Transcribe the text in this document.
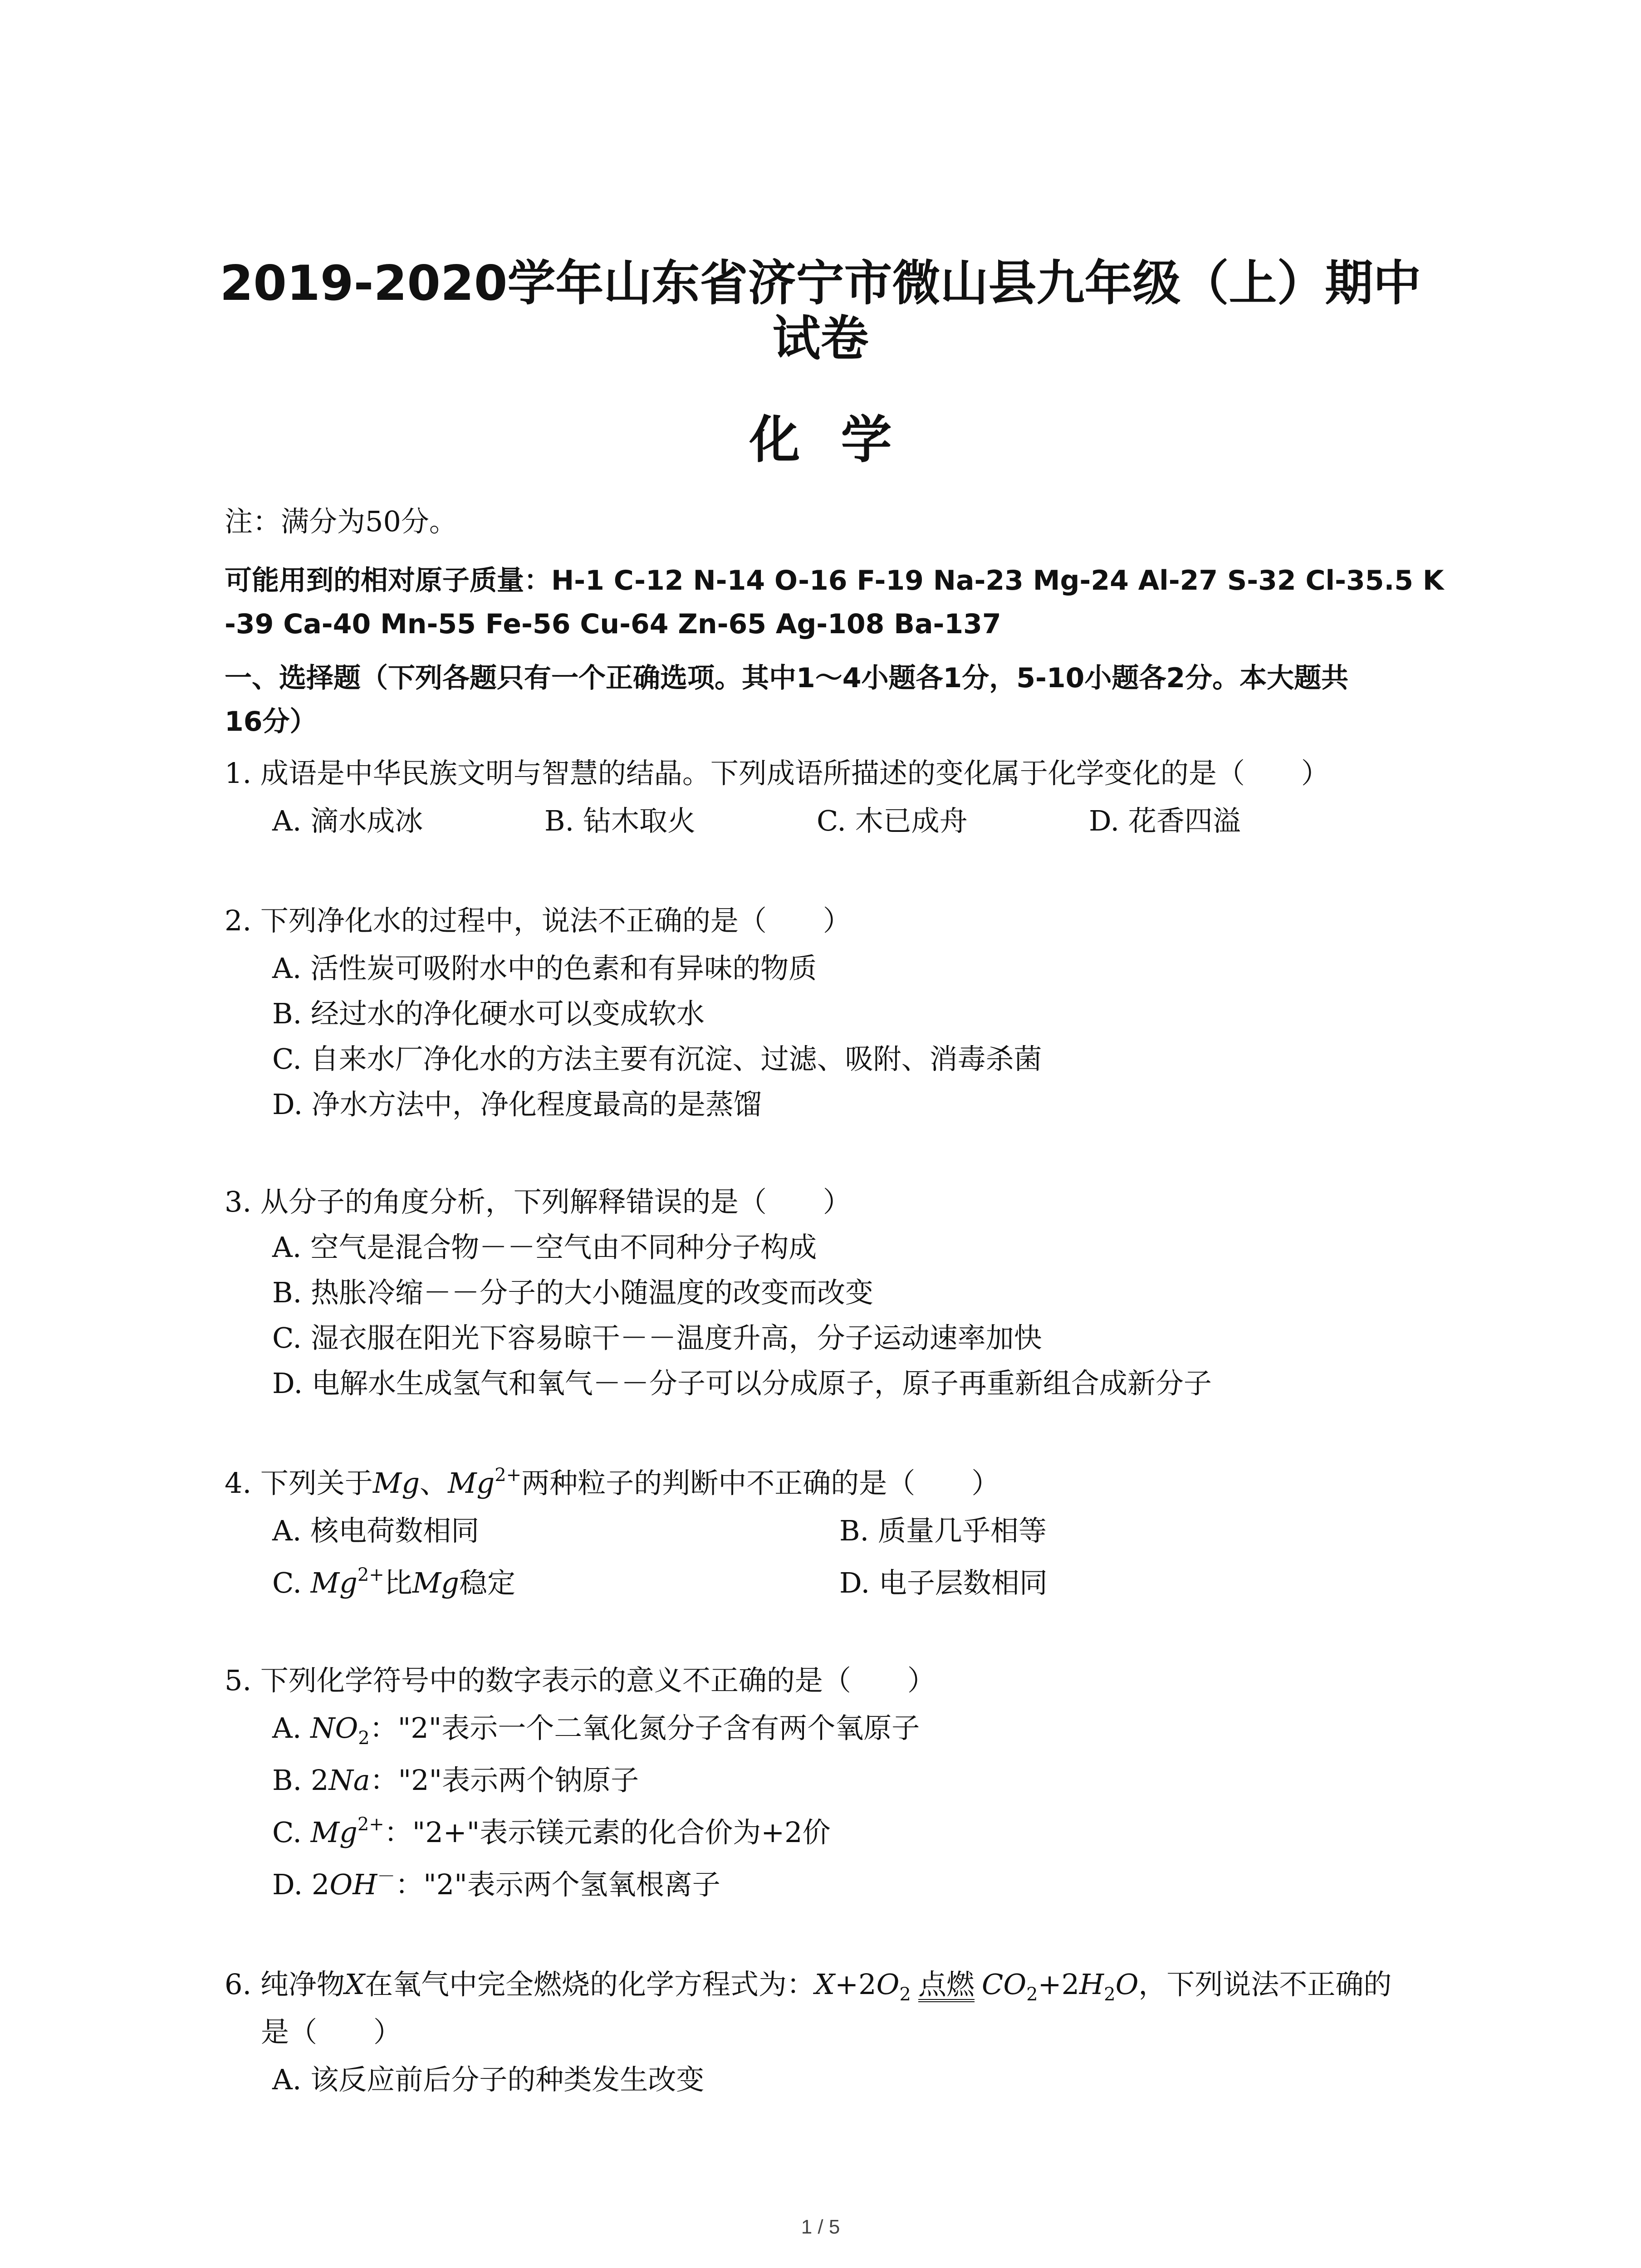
2019-2020学年山东省济宁市微山县九年级（上）期中
试卷
化学
注：满分为50分。
可能用到的相对原子质量：H-1 C-12 N-14 O-16 F-19 Na-23 Mg-24 Al-27 S-32 Cl-35.5 K
-39 Ca-40 Mn-55 Fe-56 Cu-64 Zn-65 Ag-108 Ba-137
一、选择题（下列各题只有一个正确选项。其中1～4小题各1分，5-10小题各2分。本大题共
16分）
1. 成语是中华民族文明与智慧的结晶。下列成语所描述的变化属于化学变化的是（　　）
A. 滴水成冰	B. 钻木取火	C. 木已成舟	D. 花香四溢
2. 下列净化水的过程中，说法不正确的是（　　）
A. 活性炭可吸附水中的色素和有异味的物质
B. 经过水的净化硬水可以变成软水
C. 自来水厂净化水的方法主要有沉淀、过滤、吸附、消毒杀菌
D. 净水方法中，净化程度最高的是蒸馏
3. 从分子的角度分析，下列解释错误的是（　　）
A. 空气是混合物－－空气由不同种分子构成
B. 热胀冷缩－－分子的大小随温度的改变而改变
C. 湿衣服在阳光下容易晾干－－温度升高，分子运动速率加快
D. 电解水生成氢气和氧气－－分子可以分成原子，原子再重新组合成新分子
4. 下列关于Mg、$Mg^{2+}$两种粒子的判断中不正确的是（　　）
A. 核电荷数相同	B. 质量几乎相等
C. $Mg^{2+}$比Mg稳定	D. 电子层数相同
5. 下列化学符号中的数字表示的意义不正确的是（　　）
A. $NO_2$："2"表示一个二氧化氮分子含有两个氧原子
B. 2Na："2"表示两个钠原子
C. $Mg^{2+}$："2+"表示镁元素的化合价为+2价
D. 2OH－："2"表示两个氢氧根离子
6. 纯净物X在氧气中完全燃烧的化学方程式为：$X+2O_2$ 点燃 $CO_2+2H_2O$，下列说法不正确的
是（　　）
A. 该反应前后分子的种类发生改变
1 / 5
